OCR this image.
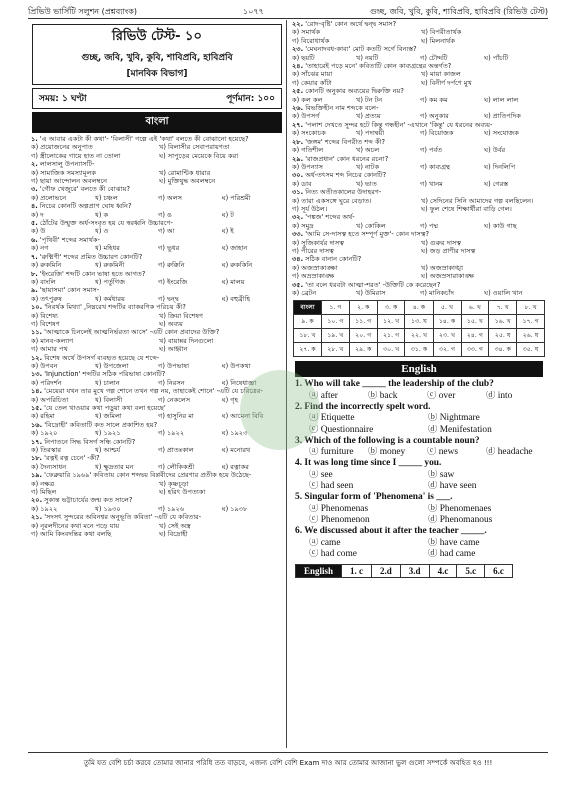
প্রিভিউ ভার্সিটি সলুশন (প্রশ্নব্যাংক)	১০৭৭	গুচ্ছ, জবি, খুবি, কুবি, শাবিপ্রবি, হাবিপ্রবি (রিভিউ টেস্ট)
রিভিউ টেস্ট- ১০
গুচ্ছ, জবি, খুবি, কুবি, শাবিপ্রবি, হাবিপ্রবি
[মানবিক বিভাগ]
সময়: ১ ঘণ্টা	পূর্ণমান: ১০০
বাংলা
১. 'এ আবার একটা কী কথা'- 'বিলাসী' গল্পে এই 'কথা' বলতে কী বোঝানো হয়েছে?
ক) প্রয়োজনের অনুপাত	খ) বিলাসীর সেবাপরায়ণতা
গ) স্ত্রীলোকের গায়ে হাত না তোলা	ঘ) সাপুড়ের মেয়েকে বিয়ে করা
২. লালসালু উপন্যাসটি-
ক) সামাজিক সমস্যামূলক	খ) রোমান্টিক ধারার
গ) ছায়া আন্দোলন অবলম্বনে	ঘ) মুক্তিযুদ্ধ অবলম্বনে
৩. 'গৌফ খেজুরে' বলতে কী বোঝায়?
ক) প্রলোভনে	খ) চঞ্চল	গ) অলস	ঘ) পরিশ্রমী
৪. নিচের কোনটি অল্পপ্রাণ ঘোষ ধ্বনি?
ক) দ	খ) ক	গ) ঙ	ঘ) ট
৫. ঠোঁটের উন্মুক্ত অর্ধ-সংবৃত হয় যে স্বরধ্বনি উচ্চারণে-
ক) উ	খ) ও	গ) আ	ঘ) ই
৬. 'পৃথিবী' শব্দের সমার্থক-
ক) নগ	খ) মহিধর	গ) ভুধর	ঘ) জাহান
৭. 'রুক্মিণী' শব্দের প্রমিত উচ্চারণ কোনটি?
ক) রুকমিনি	খ) রুকমিনী	গ) রুক্কিনি	ঘ) রুককিনি
৮. 'ইংরেজি' শব্দটি কোন ভাষা হতে আগত?
ক) বাংলি	খ) পর্তুগিজ	গ) ইংরেজি	ঘ) মালয়
৯. 'ছায়াসমা' কোন সমাস-
ক) তৎপুরুষ	খ) কর্মধারয়	গ) দ্বন্দ্ব	ঘ) বহুব্রীহি
১০. 'নিরর্থক মিথ্যা' ,নিম্নরেখ শব্দটির ব্যাকরণিক পরিচয় কী?
ক) বিশেষ্য	খ) ক্রিয়া বিশেষণ
গ) বিশেষণ	ঘ) অব্যয়
১১. 'আত্মাকে চিনলেই আত্মনির্ভরতা আসে' -এটি কোন প্রবাদের উক্তি?
ক) মানব-কল্যাণ	খ) বায়ান্নর দিনগুলো
গ) আমার পথ	ঘ) আহ্বান
১২. বিশেষ অর্থে উপসর্গ ব্যবহৃত হয়েছে যে শব্দে-
ক) উপবন	খ) উপজেলা	গ) উপভাষা	ঘ) উপকথা
১৩. 'Injunction' শব্দটির সঠিক পরিভাষা কোনটি?
ক) পরিদর্শন	খ) চালান	গ) নিরসন	ঘ) নিষেধাজ্ঞা
১৪. 'মেয়েরা যখন তার মুখে গল্প শোনে তখন গল্প নয়, তাহাকেই শোনে' -এটি যে চরিত্রের-
ক) অপরিচিতা	খ) বিলাসী	গ) নেকলেস	ঘ) গৃহ
১৫. 'যে তেল খাওয়ার কথা পড়ুয়া কথা বলা হয়েছে'
ক) রহিমা	খ) জমিলা	গ) হাসুনির মা	ঘ) আমেনা বিবি
১৬. 'বিদ্রোহী' কবিতাটি কত সালে প্রকাশিত হয়?
ক) ১৯২০	খ) ১৯২১	গ) ১৯২২	ঘ) ১৯২৩
১৭. নিপাতনে সিদ্ধ বিসর্গ সন্ধি কোনটি?
ক) তিরস্কার	খ) আশ্চর্য	গ) প্রাতঃকাল	ঘ) মনোরথ
১৮. 'রত্নই রত্ন চেনে' -কী?
ক) দৈন্যসাধন	খ) ক্ষুদ্রতার মন	গ) লৌকিকশ্রী	ঘ) রত্নাকর
১৯. 'ফেব্রুয়ারি ১৯৬৯' কবিতায় কোন শব্দদ্বয় বিপ্লবীদের প্রেরণার প্রতীক হয়ে উঠেছে-
ক) নক্ষত্র	খ) কৃষ্ণচূড়া
গ) মিছিল	ঘ) হরিৎ উপত্যকা
২০. সুকান্ত ভট্টাচার্যের জন্ম কত সালে?
ক) ১৯২২	খ) ১৯৩০	গ) ১৯২৬	ঘ) ১৯৩৮
২১. 'সদসৎ সুন্দরের অবিনশ্বর অনুভূতি কবিতা' -এটি যে কবিতার-
ক) নূরলদীনের কথা মনে পড়ে যায়	খ) সেই অস্ত্র
গ) আমি কিংবদন্তির কথা বলছি	ঘ) বিদ্রোহী
২২. 'রোদ-বৃষ্টি' কোন অর্থে দ্বন্দ্ব সমাস?
ক) সমার্থক	খ) বিপরীতার্থক
গ) বিরোধার্থক	ঘ) মিলনার্থক
২৩. 'মেঘনাদবধ-কাব্য' মোট কতটি সর্গে বিন্যস্ত?
ক) ছয়টি	খ) নয়টি	গ) চৌদ্দটি	ঘ) পাঁচটি
২৪. 'তাহারেই পড়ে মনে' কবিতাটি কোন কাব্যগ্রন্থের অন্তর্গত?
ক) সাঁঝের মায়া	খ) মায়া কাজল
গ) কেয়ার কাঁটা	ঘ) বিনীর্ণ দর্পণে মুখ
২৫. কোনটি অনুকার অব্যয়ের দ্বিরুক্তি নয়?
ক) কল কল	খ) টন টন	গ) কম কম	ঘ) লাল লাল
২৬. বিভক্তিহীন নাম শব্দকে বলে-
ক) উপসর্গ	খ) প্রত্যয়	গ) অনুকার	ঘ) প্রাতিপদিক
২৭. 'পলাশ দেখতে সুন্দর হটে কিন্তু গন্ধহীন' -এখানে 'কিন্তু' যে ধরনের অব্যয়-
ক) সংকোচক	খ) পদান্বয়ী	গ) বিয়োজক	ঘ) সংযোজক
২৮. 'জঙ্গম' শব্দের বিপরীত শব্দ কী?
ক) গতিশীল	খ) অচল	গ) পর্বত	ঘ) উর্বর
২৯. 'রাজপ্রধান' কোন ধরনের রচনা?
ক) উপন্যাস	খ) নাটক	গ) কাব্যগ্রন্থ	ঘ) দিনলিপি
৩০. অর্ধ-তৎসম শব্দ নিচের কোনটি?
ক) ডাব	খ) ভাত	গ) খানম	ঘ) গেরস্ত
৩১. নিত্য অতীতকালের উদাহরণ-
ক) তারা একসঙ্গে ঘুরে বেড়াত।	খ) সেদিনের সিনি আমাদের গল্প বলছিলেন।
গ) সূর্য উঠল।	ঘ) ফুল শেষে শিক্ষার্থীরা বাড়ি গেল।
৩২. 'পঙ্কজ' শব্দের অর্থ-
ক) সমুদ্র	খ) কোকিল	গ) পদ্ম	ঘ) কাউ গাছ
৩৩. 'আমি সে-দাসত্ব হতে সম্পূর্ণ মুক্ত'- কোন দাসত্ব?
ক) সুজিকার্যর দাসত্ব	খ) গুরুর দাসত্ব
গ) পীরের দাসত্ব	ঘ) জড় প্রাণীর দাসত্ব
৩৪. সঠিক বানান কোনটি?
ক) অজস্রাকাঙ্ক্ষা	খ) অজস্রাকাঙ্খা
গ) অভ্রস্রাকাঙ্ক্ষ	ঘ) অজস্রসারাকাঙ্ক্ষ
৩৫. 'তা বলে ধরবটা আত্মা-শরত' -উক্তিটি কে করেছেন?
ক) ব্রেটন	খ) উমিরাস	গ) মানিকচাঁদ	ঘ) ওয়ালি খান
বাংলা	১. গ	২. ক	৩. ক	৪. ক	৫. খ	৬. খ	৭. খ	৮. খ
৯. ক	১০. গ	১১. গ	১২. খ	১৩. ঘ	১৪. ক	১৫. খ	১৬. খ	১৭. গ
১৮. খ	১৯. খ	২০. গ	২১. গ	২২. খ	২৩. খ	২৪. গ	২৫. ঘ	২৬. ঘ
২৭. ক	২৮. খ	২৯. ক	৩০. খ	৩১. ক	৩২. গ	৩৩. গ	৩৪. ক	৩৫. ঘ
English
1. Who will take _____ the leadership of the club?
ⓐ after	ⓑ back	ⓒ over	ⓓ into
2. Find the incorrectly spelt word.
ⓐ Etiquette	ⓑ Nightmare
ⓒ Questionnaire	ⓓ Menifestation
3. Which of the following is a countable noun?
ⓐ furniture	ⓑ money	ⓒ news	ⓓ headache
4. It was long time since I _____ you.
ⓐ see	ⓑ saw
ⓒ had seen	ⓓ have seen
5. Singular form of 'Phenomena' is ___.
ⓐ Phenomenas	ⓑ Phenomenaes
ⓒ Phenomenon	ⓓ Phenomanous
6. We discussed about it after the teacher _____.
ⓐ came	ⓑ have came
ⓒ had come	ⓓ had came
English	1. c	2.d	3.d	4.c	5.c	6.c
তুমি যত বেশি চর্চা করবে তোমার জানার পরিধি তত বাড়বে, এজন্য বেশি বেশি Exam দাও আর তোমার আজানা ভুল গুলো সম্পর্কে অবহিত হও !!!
